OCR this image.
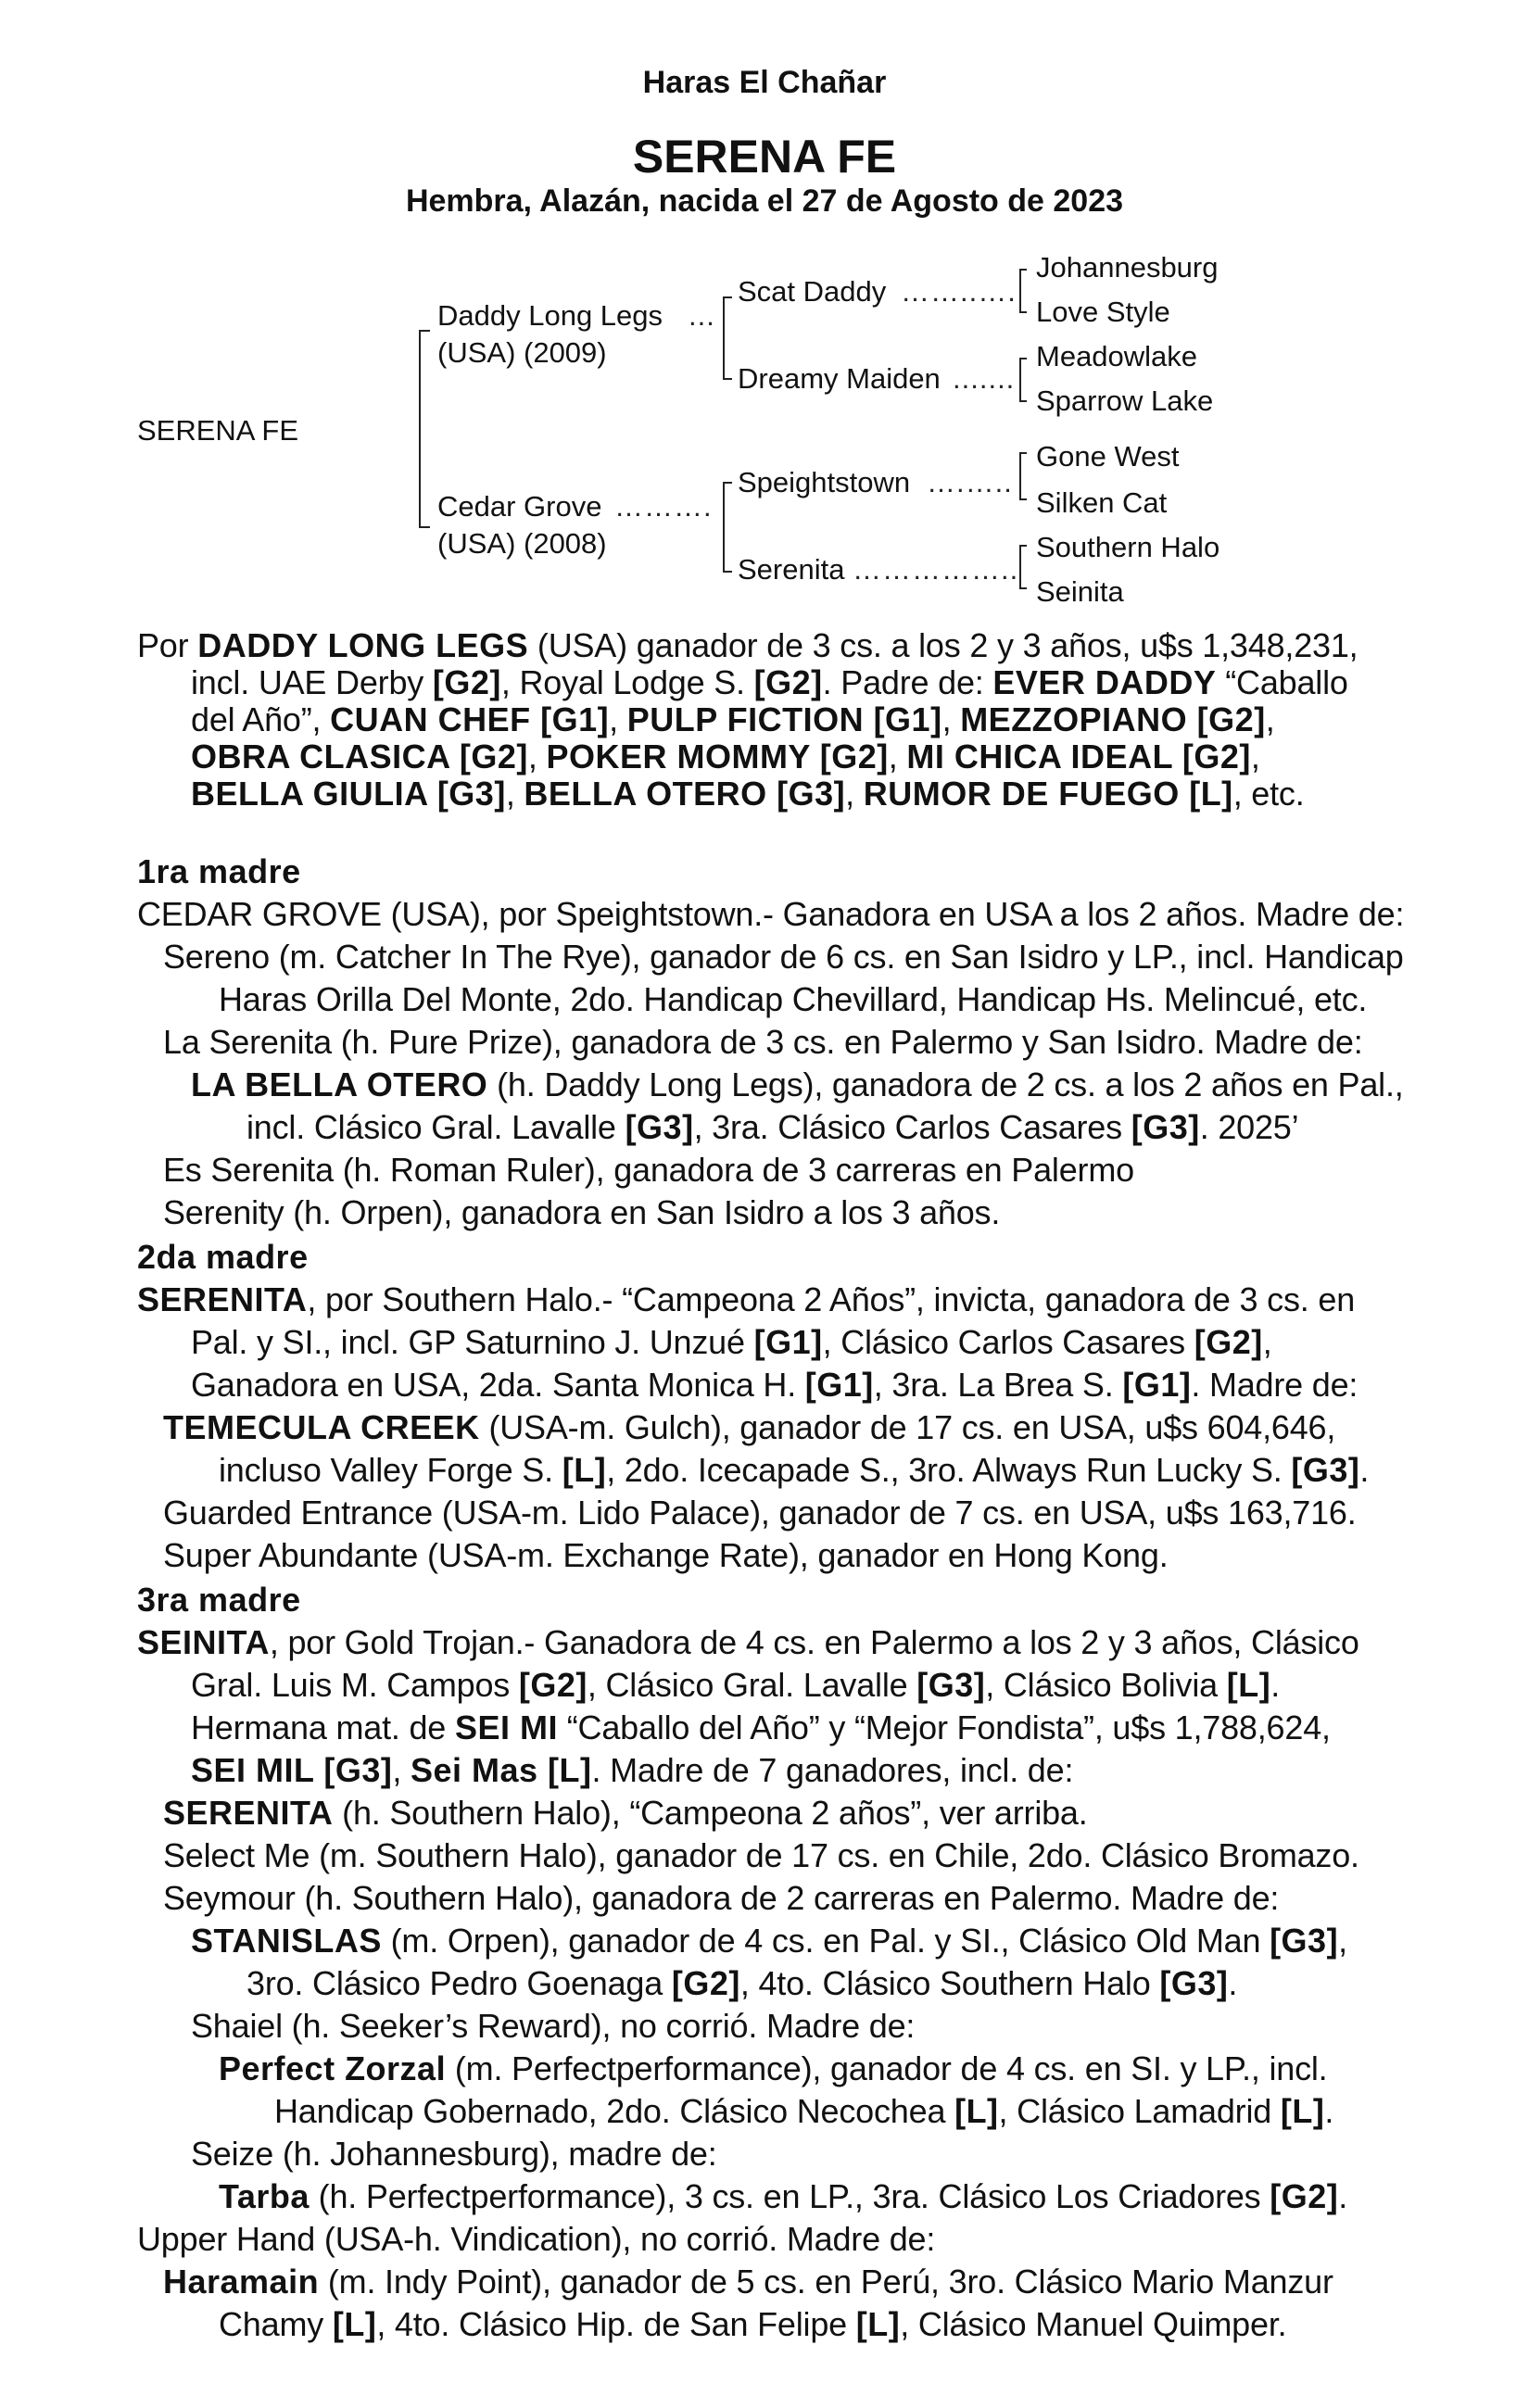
Haras El Chañar
SERENA FE
Hembra, Alazán, nacida el 27 de Agosto de 2023
SERENA FE
Daddy Long Legs ...
(USA) (2009)
Cedar Grove ……….
(USA) (2008)
Scat Daddy ……..….
Dreamy Maiden .......
Speightstown ….…..
Serenita ……………..
Johannesburg
Love Style
Meadowlake
Sparrow Lake
Gone West
Silken Cat
Southern Halo
Seinita
Por DADDY LONG LEGS (USA) ganador de 3 cs. a los 2 y 3 años, u$s 1,348,231,
incl. UAE Derby [G2], Royal Lodge S. [G2]. Padre de: EVER DADDY “Caballo
del Año”, CUAN CHEF [G1], PULP FICTION [G1], MEZZOPIANO [G2],
OBRA CLASICA [G2], POKER MOMMY [G2], MI CHICA IDEAL [G2],
BELLA GIULIA [G3], BELLA OTERO [G3], RUMOR DE FUEGO [L], etc.
1ra madre
CEDAR GROVE (USA), por Speightstown.- Ganadora en USA a los 2 años. Madre de:
Sereno (m. Catcher In The Rye), ganador de 6 cs. en San Isidro y LP., incl. Handicap
Haras Orilla Del Monte, 2do. Handicap Chevillard, Handicap Hs. Melincué, etc.
La Serenita (h. Pure Prize), ganadora de 3 cs. en Palermo y San Isidro. Madre de:
LA BELLA OTERO (h. Daddy Long Legs), ganadora de 2 cs. a los 2 años en Pal.,
incl. Clásico Gral. Lavalle [G3], 3ra. Clásico Carlos Casares [G3]. 2025’
Es Serenita (h. Roman Ruler), ganadora de 3 carreras en Palermo
Serenity (h. Orpen), ganadora en San Isidro a los 3 años.
2da madre
SERENITA, por Southern Halo.- “Campeona 2 Años”, invicta, ganadora de 3 cs. en
Pal. y SI., incl. GP Saturnino J. Unzué [G1], Clásico Carlos Casares [G2],
Ganadora en USA, 2da. Santa Monica H. [G1], 3ra. La Brea S. [G1]. Madre de:
TEMECULA CREEK (USA-m. Gulch), ganador de 17 cs. en USA, u$s 604,646,
incluso Valley Forge S. [L], 2do. Icecapade S., 3ro. Always Run Lucky S. [G3].
Guarded Entrance (USA-m. Lido Palace), ganador de 7 cs. en USA, u$s 163,716.
Super Abundante (USA-m. Exchange Rate), ganador en Hong Kong.
3ra madre
SEINITA, por Gold Trojan.- Ganadora de 4 cs. en Palermo a los 2 y 3 años, Clásico
Gral. Luis M. Campos [G2], Clásico Gral. Lavalle [G3], Clásico Bolivia [L].
Hermana mat. de SEI MI “Caballo del Año” y “Mejor Fondista”, u$s 1,788,624,
SEI MIL [G3], Sei Mas [L]. Madre de 7 ganadores, incl. de:
SERENITA (h. Southern Halo), “Campeona 2 años”, ver arriba.
Select Me (m. Southern Halo), ganador de 17 cs. en Chile, 2do. Clásico Bromazo.
Seymour (h. Southern Halo), ganadora de 2 carreras en Palermo. Madre de:
STANISLAS (m. Orpen), ganador de 4 cs. en Pal. y SI., Clásico Old Man [G3],
3ro. Clásico Pedro Goenaga [G2], 4to. Clásico Southern Halo [G3].
Shaiel (h. Seeker’s Reward), no corrió. Madre de:
Perfect Zorzal (m. Perfectperformance), ganador de 4 cs. en SI. y LP., incl.
Handicap Gobernado, 2do. Clásico Necochea [L], Clásico Lamadrid [L].
Seize (h. Johannesburg), madre de:
Tarba (h. Perfectperformance), 3 cs. en LP., 3ra. Clásico Los Criadores [G2].
Upper Hand (USA-h. Vindication), no corrió. Madre de:
Haramain (m. Indy Point), ganador de 5 cs. en Perú, 3ro. Clásico Mario Manzur
Chamy [L], 4to. Clásico Hip. de San Felipe [L], Clásico Manuel Quimper.
